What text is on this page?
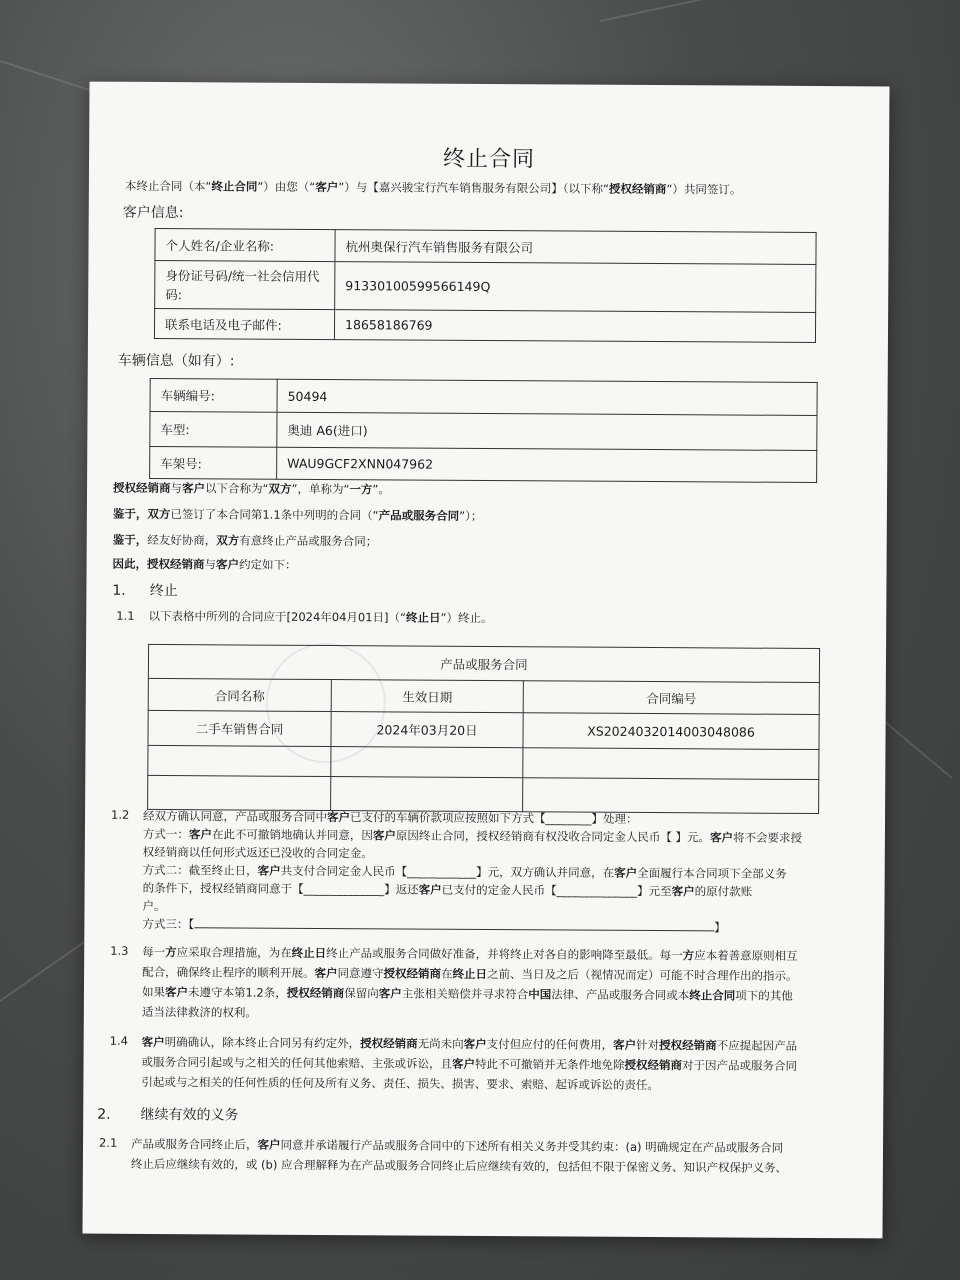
终止合同
本终止合同（本“终止合同”）由您（“客户”）与【嘉兴骏宝行汽车销售服务有限公司】（以下称“授权经销商”）共同签订。
客户信息:
个人姓名/企业名称:	杭州奥保行汽车销售服务有限公司
身份证号码/统一社会信用代码:	91330100599566149Q
联系电话及电子邮件:	18658186769
车辆信息（如有）:
车辆编号:	50494
车型:	奥迪 A6(进口)
车架号:	WAU9GCF2XNN047962
授权经销商与客户以下合称为“双方”，单称为“一方”。
鉴于，双方已签订了本合同第1.1条中列明的合同（“产品或服务合同”）；
鉴于，经友好协商，双方有意终止产品或服务合同；
因此，授权经销商与客户约定如下：
1. 终止
1.1 以下表格中所列的合同应于[2024年04月01日]（“终止日”）终止。
产品或服务合同		
合同名称	生效日期	合同编号
二手车销售合同	2024年03月20日	XS2024032014003048086

1.2 经双方确认同意，产品或服务合同中客户已支付的车辆价款项应按照如下方式【________】处理：
方式一：客户在此不可撤销地确认并同意，因客户原因终止合同，授权经销商有权没收合同定金人民币【 】元。客户将不会要求授
权经销商以任何形式返还已没收的合同定金。
方式二：截至终止日，客户共支付合同定金人民币【____________】元，双方确认并同意，在客户全面履行本合同项下全部义务
的条件下，授权经销商同意于【______________】返还客户已支付的定金人民币【______________】元至客户的原付款账
户。
方式三：【	】
1.3 每一方应采取合理措施，为在终止日终止产品或服务合同做好准备，并将终止对各自的影响降至最低。每一方应本着善意原则相互
配合，确保终止程序的顺利开展。客户同意遵守授权经销商在终止日之前、当日及之后（视情况而定）可能不时合理作出的指示。
如果客户未遵守本第1.2条，授权经销商保留向客户主张相关赔偿并寻求符合中国法律、产品或服务合同或本终止合同项下的其他
适当法律救济的权利。
1.4 客户明确确认，除本终止合同另有约定外，授权经销商无尚未向客户支付但应付的任何费用，客户针对授权经销商不应提起因产品
或服务合同引起或与之相关的任何其他索赔、主张或诉讼，且客户特此不可撤销并无条件地免除授权经销商对于因产品或服务合同
引起或与之相关的任何性质的任何及所有义务、责任、损失、损害、要求、索赔、起诉或诉讼的责任。
2. 继续有效的义务
2.1 产品或服务合同终止后，客户同意并承诺履行产品或服务合同中的下述所有相关义务并受其约束：(a) 明确规定在产品或服务合同
终止后应继续有效的，或 (b) 应合理解释为在产品或服务合同终止后应继续有效的，包括但不限于保密义务、知识产权保护义务、
